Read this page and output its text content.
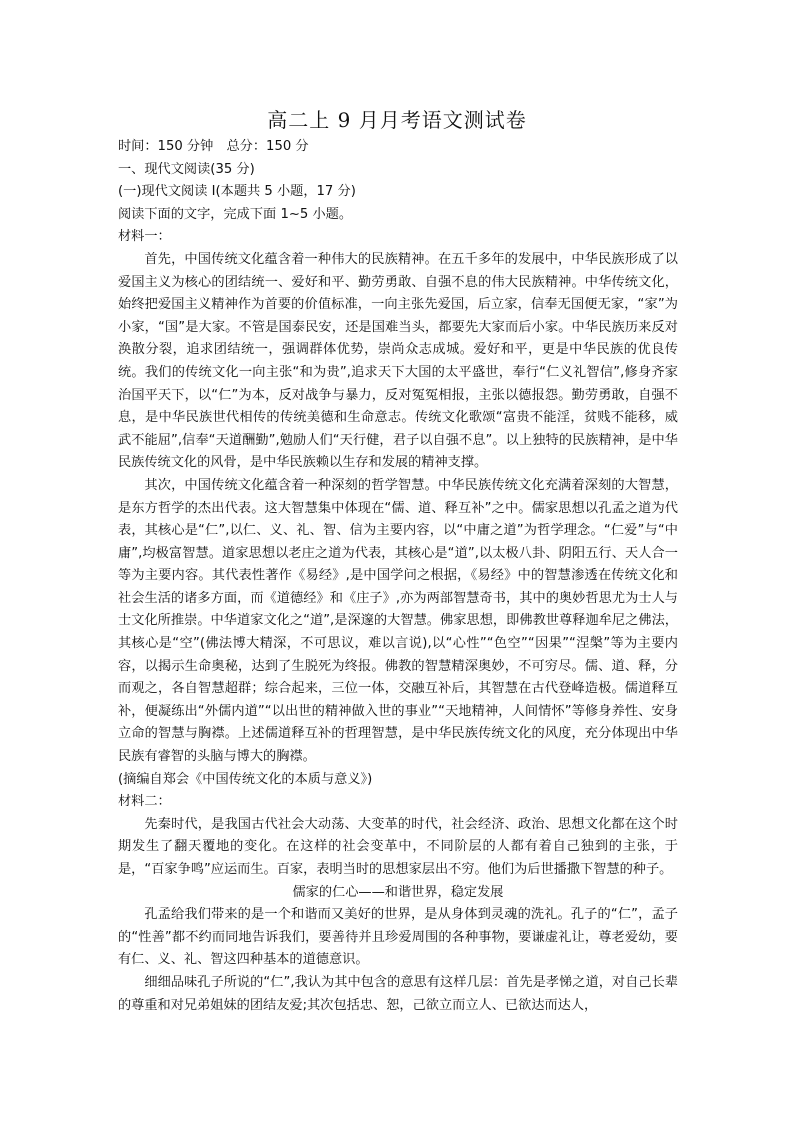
高二上 9 月月考语文测试卷

时间：150 分钟　总分：150 分

一、现代文阅读(35 分)

(一)现代文阅读 I(本题共 5 小题，17 分)

阅读下面的文字，完成下面 1~5 小题。

材料一：

首先，中国传统文化蕴含着一种伟大的民族精神。在五千多年的发展中，中华民族形成了以爱国主义为核心的团结统一、爱好和平、勤劳勇敢、自强不息的伟大民族精神。中华传统文化，始终把爱国主义精神作为首要的价值标准，一向主张先爱国，后立家，信奉无国便无家，“家”为小家，“国”是大家。不管是国泰民安，还是国难当头，都要先大家而后小家。中华民族历来反对涣散分裂，追求团结统一，强调群体优势，崇尚众志成城。爱好和平，更是中华民族的优良传统。我们的传统文化一向主张“和为贵”,追求天下大国的太平盛世，奉行“仁义礼智信”,修身齐家治国平天下，以“仁”为本，反对战争与暴力，反对冤冤相报，主张以德报怨。勤劳勇敢，自强不息，是中华民族世代相传的传统美德和生命意志。传统文化歌颂“富贵不能淫，贫贱不能移，威武不能屈”,信奉“天道酬勤”,勉励人们“天行健，君子以自强不息”。以上独特的民族精神，是中华民族传统文化的风骨，是中华民族赖以生存和发展的精神支撑。

其次，中国传统文化蕴含着一种深刻的哲学智慧。中华民族传统文化充满着深刻的大智慧，是东方哲学的杰出代表。这大智慧集中体现在“儒、道、释互补”之中。儒家思想以孔孟之道为代表，其核心是“仁”,以仁、义、礼、智、信为主要内容，以“中庸之道”为哲学理念。“仁爱”与“中庸”,均极富智慧。道家思想以老庄之道为代表，其核心是“道”,以太极八卦、阴阳五行、天人合一等为主要内容。其代表性著作《易经》,是中国学问之根据，《易经》中的智慧渗透在传统文化和社会生活的诸多方面，而《道德经》和《庄子》,亦为两部智慧奇书，其中的奥妙哲思尤为士人与士文化所推崇。中华道家文化之“道”,是深邃的大智慧。佛家思想，即佛教世尊释迦牟尼之佛法，其核心是“空”(佛法博大精深，不可思议，难以言说),以“心性”“色空”“因果”“涅槃”等为主要内容，以揭示生命奥秘，达到了生脱死为终报。佛教的智慧精深奥妙，不可穷尽。儒、道、释，分而观之，各自智慧超群；综合起来，三位一体，交融互补后，其智慧在古代登峰造极。儒道释互补，便凝练出“外儒内道”“以出世的精神做入世的事业”“天地精神，人间情怀”等修身养性、安身立命的智慧与胸襟。上述儒道释互补的哲理智慧，是中华民族传统文化的风度，充分体现出中华民族有睿智的头脑与博大的胸襟。

(摘编自郑会《中国传统文化的本质与意义》)

材料二：

先秦时代，是我国古代社会大动荡、大变革的时代，社会经济、政治、思想文化都在这个时期发生了翻天覆地的变化。在这样的社会变革中，不同阶层的人都有着自己独到的主张，于是，“百家争鸣”应运而生。百家，表明当时的思想家层出不穷。他们为后世播撒下智慧的种子。

儒家的仁心——和谐世界，稳定发展

孔孟给我们带来的是一个和谐而又美好的世界，是从身体到灵魂的洗礼。孔子的“仁”，孟子的“性善”都不约而同地告诉我们，要善待并且珍爱周围的各种事物，要谦虚礼让，尊老爱幼，要有仁、义、礼、智这四种基本的道德意识。

细细品味孔子所说的“仁”,我认为其中包含的意思有这样几层：首先是孝悌之道，对自己长辈的尊重和对兄弟姐妹的团结友爱;其次包括忠、恕，己欲立而立人、已欲达而达人，
